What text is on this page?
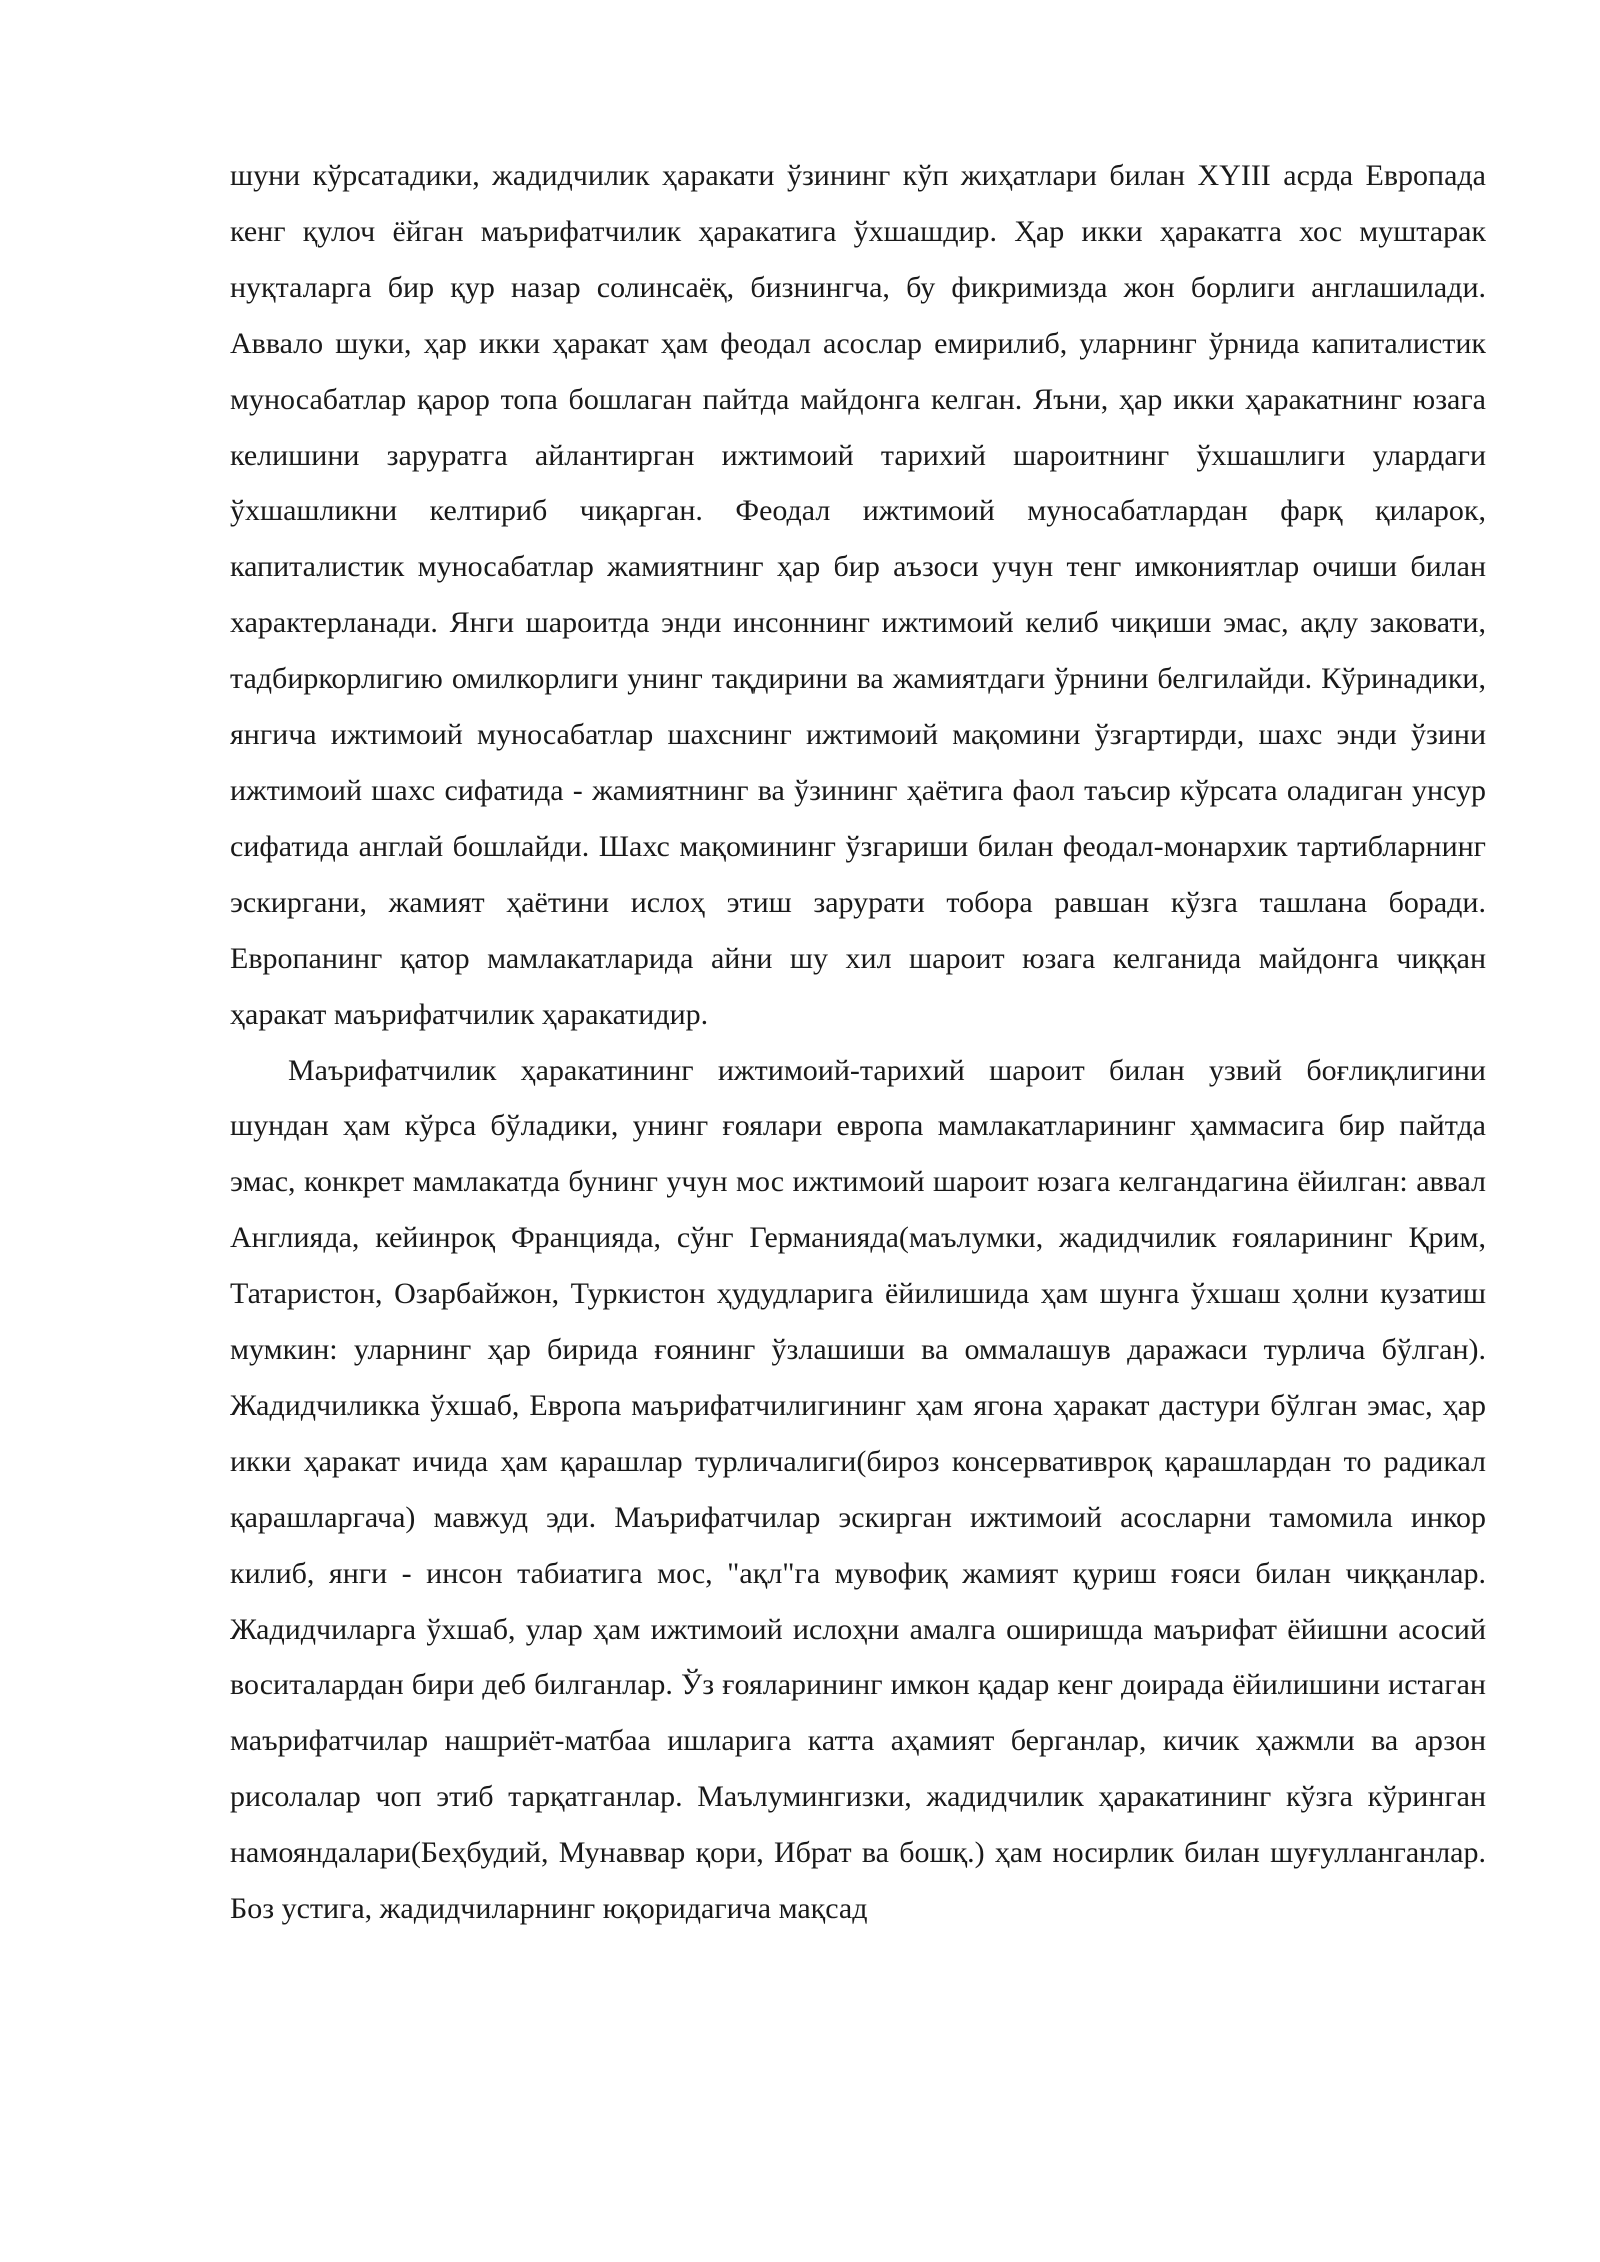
шуни кўрсатадики, жадидчилик ҳаракати ўзининг кўп жиҳатлари билан XYIII асрда Европада кенг қулоч ёйган маърифатчилик ҳаракатига ўхшашдир. Ҳар икки ҳаракатга хос муштарак нуқталарга бир қур назар солинсаёқ, бизнингча, бу фикримизда жон борлиги англашилади. Аввало шуки, ҳар икки ҳаракат ҳам феодал асослар емирилиб, уларнинг ўрнида капиталистик муносабатлар қарор топа бошлаган пайтда майдонга келган. Яъни, ҳар икки ҳаракатнинг юзага келишини заруратга айлантирган ижтимоий тарихий шароитнинг ўхшашлиги улардаги ўхшашликни келтириб чиқарган. Феодал ижтимоий муносабатлардан фарқ қиларок, капиталистик муносабатлар жамиятнинг ҳар бир аъзоси учун тенг имкониятлар очиши билан характерланади. Янги шароитда энди инсоннинг ижтимоий келиб чиқиши эмас, ақлу заковати, тадбиркорлигию омилкорлиги унинг тақдирини ва жамиятдаги ўрнини белгилайди. Кўринадики, янгича ижтимоий муносабатлар шахснинг ижтимоий мақомини ўзгартирди, шахс энди ўзини ижтимоий шахс сифатида - жамиятнинг ва ўзининг ҳаётига фаол таъсир кўрсата оладиган унсур сифатида англай бошлайди. Шахс мақомининг ўзгариши билан феодал-монархик тартибларнинг эскиргани, жамият ҳаётини ислоҳ этиш зарурати тобора равшан кўзга ташлана боради. Европанинг қатор мамлакатларида айни шу хил шароит юзага келганида майдонга чиққан ҳаракат маърифатчилик ҳаракатидир.

Маърифатчилик ҳаракатининг ижтимоий-тарихий шароит билан узвий боғлиқлигини шундан ҳам кўрса бўладики, унинг ғоялари европа мамлакатларининг ҳаммасига бир пайтда эмас, конкрет мамлакатда бунинг учун мос ижтимоий шароит юзага келгандагина ёйилган: аввал Англияда, кейинроқ Францияда, сўнг Германияда(маълумки, жадидчилик ғояларининг Қрим, Татаристон, Озарбайжон, Туркистон ҳудудларига ёйилишида ҳам шунга ўхшаш ҳолни кузатиш мумкин: уларнинг ҳар бирида ғоянинг ўзлашиши ва оммалашув даражаси турлича бўлган). Жадидчиликка ўхшаб, Европа маърифатчилигининг ҳам ягона ҳаракат дастури бўлган эмас, ҳар икки ҳаракат ичида ҳам қарашлар турличалиги(бироз консервативроқ қарашлардан то радикал қарашларгача) мавжуд эди. Маърифатчилар эскирган ижтимоий асосларни тамомила инкор килиб, янги - инсон табиатига мос, "ақл"га мувофиқ жамият қуриш ғояси билан чиққанлар. Жадидчиларга ўхшаб, улар ҳам ижтимоий ислоҳни амалга оширишда маърифат ёйишни асосий воситалардан бири деб билганлар. Ўз ғояларининг имкон қадар кенг доирада ёйилишини истаган маърифатчилар нашриёт-матбаа ишларига катта аҳамият берганлар, кичик ҳажмли ва арзон рисолалар чоп этиб тарқатганлар. Маълумингизки, жадидчилик ҳаракатининг кўзга кўринган намояндалари(Беҳбудий, Мунаввар қори, Ибрат ва бошқ.) ҳам носирлик билан шуғулланганлар. Боз устига, жадидчиларнинг юқоридагича мақсад
